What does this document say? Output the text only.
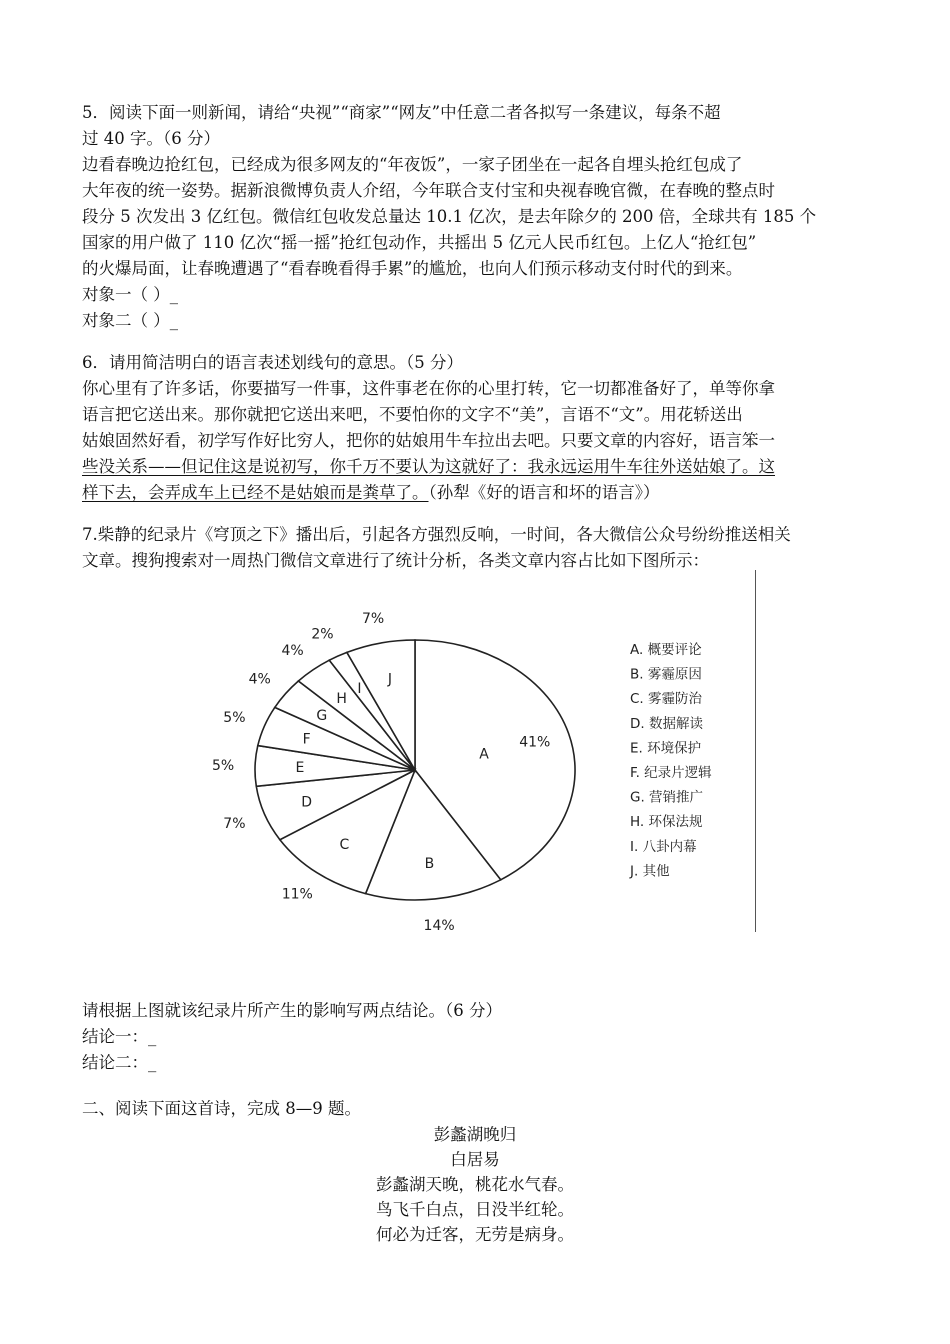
5．阅读下面一则新闻，请给“央视”“商家”“网友”中任意二者各拟写一条建议，每条不超
过 40 字。（6 分）
边看春晚边抢红包，已经成为很多网友的“年夜饭”，一家子团坐在一起各自埋头抢红包成了
大年夜的统一姿势。据新浪微博负责人介绍，今年联合支付宝和央视春晚官微，在春晚的整点时
段分 5 次发出 3 亿红包。微信红包收发总量达 10.1 亿次，是去年除夕的 200 倍，全球共有 185 个
国家的用户做了 110 亿次“摇一摇”抢红包动作，共摇出 5 亿元人民币红包。上亿人“抢红包”
的火爆局面，让春晚遭遇了“看春晚看得手累”的尴尬，也向人们预示移动支付时代的到来。
对象一（ ）_
对象二（ ）_
6．请用简洁明白的语言表述划线句的意思。（5 分）
你心里有了许多话，你要描写一件事，这件事老在你的心里打转，它一切都准备好了，单等你拿
语言把它送出来。那你就把它送出来吧，不要怕你的文字不“美”，言语不“文”。用花轿送出
姑娘固然好看，初学写作好比穷人，把你的姑娘用牛车拉出去吧。只要文章的内容好，语言笨一
些没关系——但记住这是说初写，你千万不要认为这就好了：我永远运用牛车往外送姑娘了。这
样下去，会弄成车上已经不是姑娘而是粪草了。（孙犁《好的语言和坏的语言》）
7.柴静的纪录片《穹顶之下》播出后，引起各方强烈反响，一时间，各大微信公众号纷纷推送相关
文章。搜狗搜索对一周热门微信文章进行了统计分析，各类文章内容占比如下图所示：
A
B
C
D
E
F
G
H
I
J
41%
14%
11%
7%
5%
5%
4%
4%
2%
7%
A. 概要评论
B. 雾霾原因
C. 雾霾防治
D. 数据解读
E. 环境保护
F. 纪录片逻辑
G. 营销推广
H. 环保法规
I. 八卦内幕
J. 其他
请根据上图就该纪录片所产生的影响写两点结论。（6 分）
结论一：_
结论二：_
二、阅读下面这首诗，完成 8—9 题。
彭蠡湖晚归
白居易
彭蠡湖天晚，桃花水气春。
鸟飞千白点，日没半红轮。
何必为迁客，无劳是病身。
